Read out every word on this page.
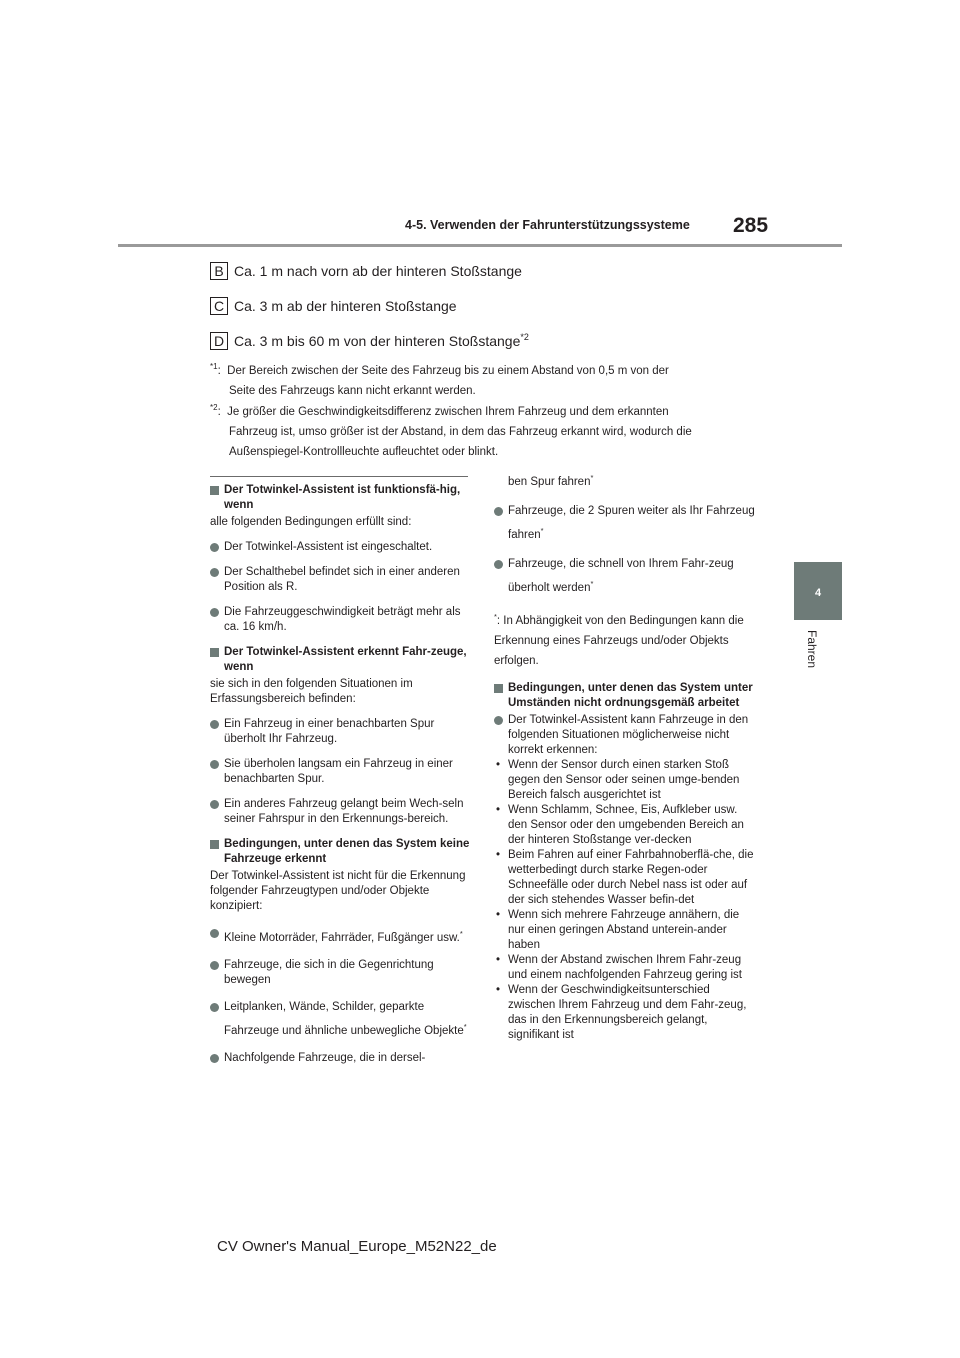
4-5. Verwenden der Fahrunterstützungssysteme 285
4
Fahren
B Ca. 1 m nach vorn ab der hinteren Stoßstange
C Ca. 3 m ab der hinteren Stoßstange
D Ca. 3 m bis 60 m von der hinteren Stoßstange$^{*2}$
$^{*1}$:  Der Bereich zwischen der Seite des Fahrzeug bis zu einem Abstand von 0,5 m von der
Seite des Fahrzeugs kann nicht erkannt werden.
$^{*2}$:  Je größer die Geschwindigkeitsdifferenz zwischen Ihrem Fahrzeug und dem erkannten
Fahrzeug ist, umso größer ist der Abstand, in dem das Fahrzeug erkannt wird, wodurch die
Außenspiegel-Kontrollleuchte aufleuchtet oder blinkt.

Der Totwinkel-Assistent ist funktionsfä-hig, wenn

alle folgenden Bedingungen erfüllt sind:

Der Totwinkel-Assistent ist eingeschaltet.

Der Schalthebel befindet sich in einer anderen Position als R.

Die Fahrzeuggeschwindigkeit beträgt mehr als ca. 16 km/h.

Der Totwinkel-Assistent erkennt Fahr-zeuge, wenn

sie sich in den folgenden Situationen im Erfassungsbereich befinden:

Ein Fahrzeug in einer benachbarten Spur überholt Ihr Fahrzeug.

Sie überholen langsam ein Fahrzeug in einer benachbarten Spur.

Ein anderes Fahrzeug gelangt beim Wech-seln seiner Fahrspur in den Erkennungs-bereich.

Bedingungen, unter denen das System keine Fahrzeuge erkennt

Der Totwinkel-Assistent ist nicht für die Erkennung folgender Fahrzeugtypen und/oder Objekte konzipiert:

Kleine Motorräder, Fahrräder, Fußgänger usw.*

Fahrzeuge, die sich in die Gegenrichtung bewegen

Leitplanken, Wände, Schilder, geparkte Fahrzeuge und ähnliche unbewegliche Objekte*

Nachfolgende Fahrzeuge, die in dersel-

ben Spur fahren*

Fahrzeuge, die 2 Spuren weiter als Ihr Fahrzeug fahren*

Fahrzeuge, die schnell von Ihrem Fahr-zeug überholt werden*

*: In Abhängigkeit von den Bedingungen kann die Erkennung eines Fahrzeugs und/oder Objekts erfolgen.

Bedingungen, unter denen das System unter Umständen nicht ordnungsgemäß arbeitet

Der Totwinkel-Assistent kann Fahrzeuge in den folgenden Situationen möglicherweise nicht korrekt erkennen:

• Wenn der Sensor durch einen starken Stoß gegen den Sensor oder seinen umge-benden Bereich falsch ausgerichtet ist
• Wenn Schlamm, Schnee, Eis, Aufkleber usw. den Sensor oder den umgebenden Bereich an der hinteren Stoßstange ver-decken
• Beim Fahren auf einer Fahrbahnoberflä-che, die wetterbedingt durch starke Regen-oder Schneefälle oder durch Nebel nass ist oder auf der sich stehendes Wasser befin-det
• Wenn sich mehrere Fahrzeuge annähern, die nur einen geringen Abstand unterein-ander haben
• Wenn der Abstand zwischen Ihrem Fahr-zeug und einem nachfolgenden Fahrzeug gering ist
• Wenn der Geschwindigkeitsunterschied zwischen Ihrem Fahrzeug und dem Fahr-zeug, das in den Erkennungsbereich gelangt, signifikant ist
CV Owner's Manual_Europe_M52N22_de
